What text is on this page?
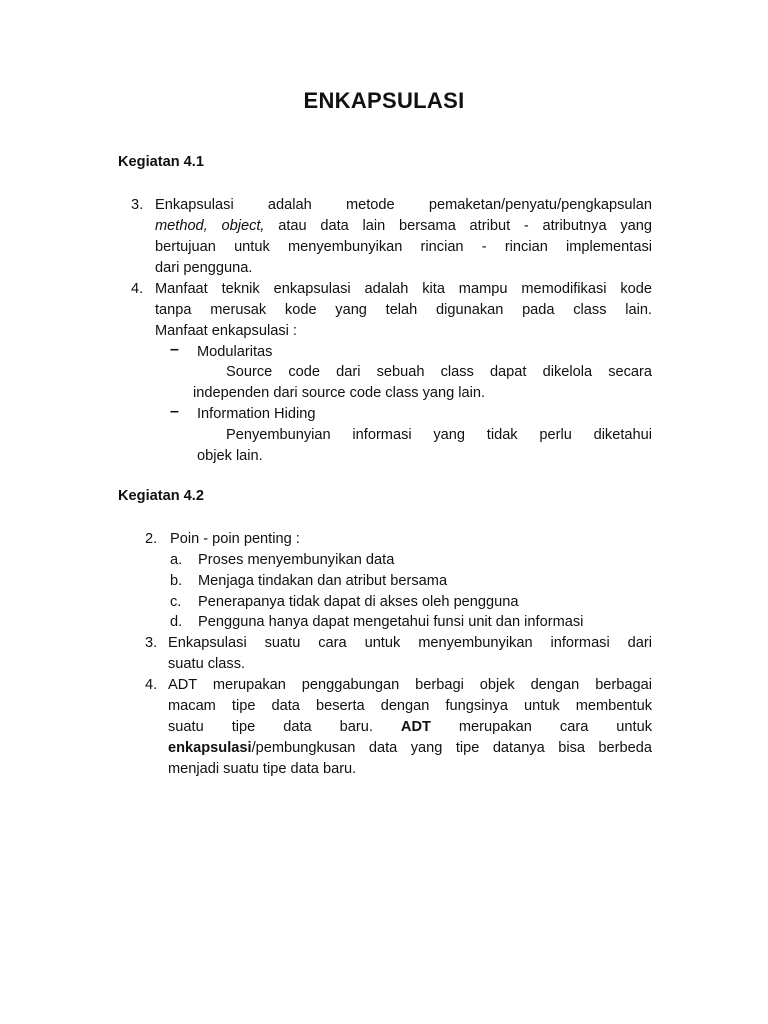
ENKAPSULASI
Kegiatan 4.1
3. Enkapsulasi adalah metode pemaketan/penyatu/pengkapsulan
method, object, atau data lain bersama atribut - atributnya yang
bertujuan untuk menyembunyikan rincian - rincian implementasi
dari pengguna.
4. Manfaat teknik enkapsulasi adalah kita mampu memodifikasi kode
tanpa merusak kode yang telah digunakan pada class lain.
Manfaat enkapsulasi :
– Modularitas
Source code dari sebuah class dapat dikelola secara
independen dari source code class yang lain.
– Information Hiding
Penyembunyian informasi yang tidak perlu diketahui
objek lain.
Kegiatan 4.2
2. Poin - poin penting :
a. Proses menyembunyikan data
b. Menjaga tindakan dan atribut bersama
c. Penerapanya tidak dapat di akses oleh pengguna
d. Pengguna hanya dapat mengetahui funsi unit dan informasi
3. Enkapsulasi suatu cara untuk menyembunyikan informasi dari
suatu class.
4. ADT merupakan penggabungan berbagi objek dengan berbagai
macam tipe data beserta dengan fungsinya untuk membentuk
suatu tipe data baru. ADT merupakan cara untuk
enkapsulasi/pembungkusan data yang tipe datanya bisa berbeda
menjadi suatu tipe data baru.
